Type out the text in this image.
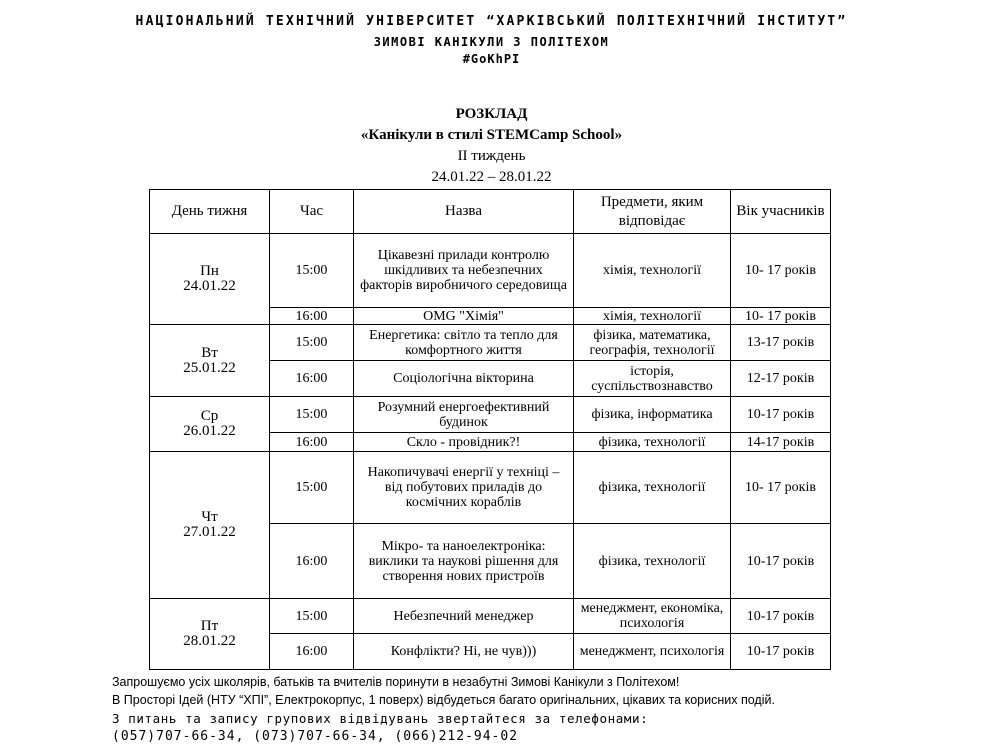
НАЦІОНАЛЬНИЙ ТЕХНІЧНИЙ УНІВЕРСИТЕТ “ХАРКІВСЬКИЙ ПОЛІТЕХНІЧНИЙ ІНСТИТУТ”
ЗИМОВІ КАНІКУЛИ З ПОЛІТЕХОМ
#GoKhPI
РОЗКЛАД
«Канікули в стилі STEMCamp School»
ІІ тиждень
24.01.22 – 28.01.22
День тижня	Час	Назва	Предмети, яким відповідає	Вік учасників
Пн
24.01.22	15:00	Цікавезні прилади контролю шкідливих та небезпечних факторів виробничого середовища	хімія, технології	10- 17 років
	16:00	OMG "Хімія"	хімія, технології	10- 17 років
Вт
25.01.22	15:00	Енергетика: світло та тепло для комфортного життя	фізика, математика, географія, технології	13-17 років
	16:00	Соціологічна вікторина	історія, суспільствознавство	12-17 років
Ср
26.01.22	15:00	Розумний енергоефективний будинок	фізика, інформатика	10-17 років
	16:00	Скло - провідник?!	фізика, технології	14-17 років
Чт
27.01.22	15:00	Накопичувачі енергії у техніці – від побутових приладів до космічних кораблів	фізика, технології	10- 17 років
	16:00	Мікро- та наноелектроніка: виклики та наукові рішення для створення нових пристроїв	фізика, технології	10-17 років
Пт
28.01.22	15:00	Небезпечний менеджер	менеджмент, економіка, психологія	10-17 років
	16:00	Конфлікти? Ні, не чув)))	менеджмент, психологія	10-17 років
Запрошуємо усіх школярів, батьків та вчителів поринути в незабутні Зимові Канікули з Політехом!
В Просторі Ідей (НТУ “ХПІ”, Електрокорпус, 1 поверх) відбудеться багато оригінальних, цікавих та корисних подій.
З питань та запису групових відвідувань звертайтеся за телефонами:
(057)707-66-34, (073)707-66-34, (066)212-94-02
